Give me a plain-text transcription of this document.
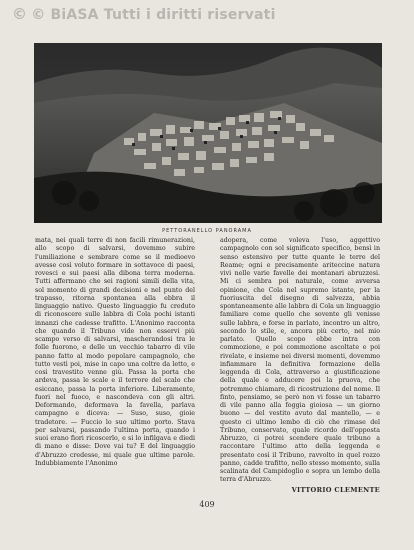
© © BiASA Tutti i diritti riservati
PETTORANELLO PANORAMA

mata, nei quali terre di non facili rimunerazioni, allo scopo di salvarsi, dovemmo subire l'umiliazione e sembrare come se il medioevo avesse così voluto formare in sottavoce di paesi, rovesci e sui paesi alla dibona terra moderna. Tutti affermano che sei ragioni simili della vita, sol momento di grandi decisioni e nel punto del trapasso, ritorna spontanea alla ebbra il linguaggio nativo. Questo linguaggio fu creduto di riconoscere sulle labbra di Cola pochi istanti innanzi che cadesse trafitto. L'Anonimo racconta che quando il Tribuno vide non esservi più scampo verso di salvarsi, mascherandosi tra le folle fuorono, e delle un vecchio tabarro di vile panno fatto al modo popolare campagnolo, che tutto vestì poi, mise in capo una coltre da letto, e così travestito venne giù. Passa la porta che ardeva, passa le scale e il terrore del scalo che esiccano, passa la porta inferiore. Liberamente, fuori nel fuoco, e nascondeva con gli altri. Deformando, deformava la favella, parlava campagno e diceva: — Suso, suso, gioie tradetore. — Fuccio lo suo ultimo porto. Stava per salvarsi, passando l'ultima porta, quando i suoi erano fiori ricoscerlo, e si lo infilgava e diedi di mano e disse: Dove vai tu? E del linguaggio d'Abruzzo credesse, mi quale gue ultime parole. Indubbiamente l'Anonimo

adopera, come voleva l'uso, aggettivo campagnolo con sol significato specifico, bensì in senso estensivo per tutte quante le terre del Reame; ogni e precisamente ariteccine natura vivi nelle varie favelle dei montanari abruzzesi. Mi ci sembra poi naturale, come avversa opinione, che Cola nel supremo istante, per la fuoriuscita del disegno di salvezza, abbia spontaneamente alle labbra di Cola un linguaggio familiare come quello che sovente gli venisse sulle labbra, e forse in parlato, incontro un altro, secondo lo stile, e, ancora più certo, nel mio parlato. Quello scopo ebbe intra con commozione, e poi commozione ascoltate e poi rivelate, e insieme nei diversi momenti, dovemmo infiammare la definitiva formazione della leggenda di Cola, attraverso a giustificazione della quale e adducere poi la pruova, che potremmo chiamare, di ricostruzione del nome. Il finto, pensiamo, se però non vi fosse un tabarro di vile panno alla foggia gioiosa — un giorno buono — del vestito avuto dal mantello, — e questo ci ultimo lembo di ciò che rimase del Tribuno, conservato, quale ricordo dell'opposta Abruzzo, ci potrei scendere quale tribuno a raccontare l'ultimo atto della leggenda e presentato così il Tribuno, ravvolto in quel rozzo panno, cadde trafitto, nello stesso momento, sulla scalinata del Campidoglio e sopra un lembo della terra d'Abruzzo.

VITTORIO CLEMENTE
409
